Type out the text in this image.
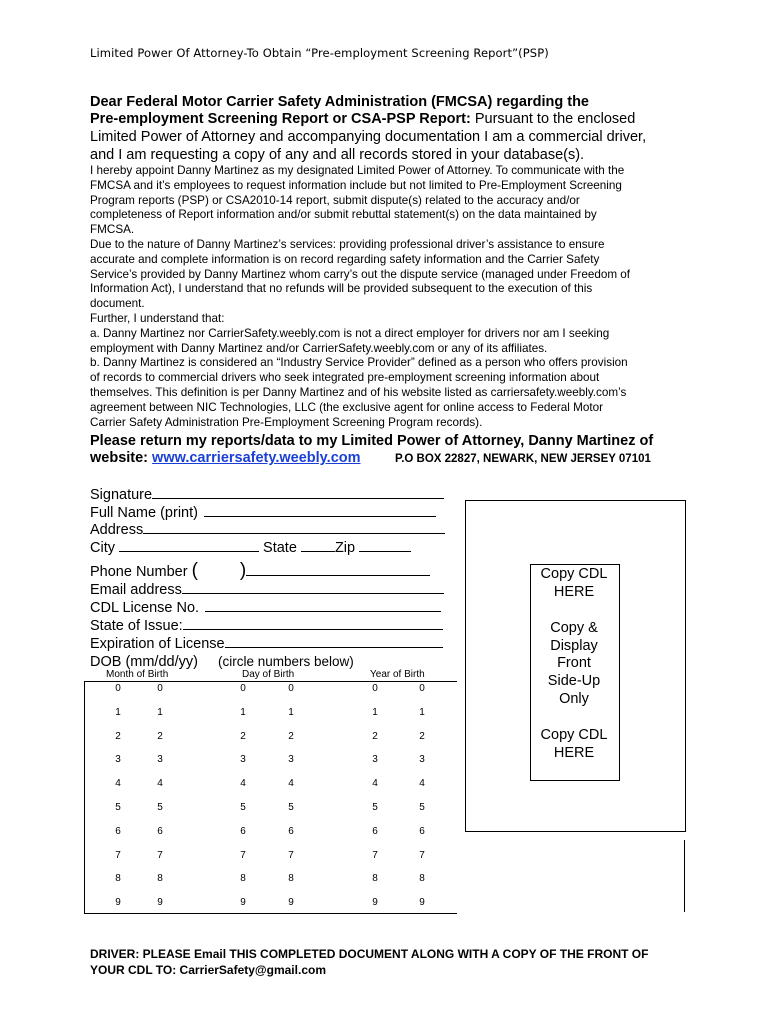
Limited Power Of Attorney-To Obtain “Pre-employment Screening Report”(PSP)
Dear Federal Motor Carrier Safety Administration (FMCSA) regarding the
Pre-employment Screening Report or CSA-PSP Report: Pursuant to the enclosed
Limited Power of Attorney and accompanying documentation I am a commercial driver,
and I am requesting a copy of any and all records stored in your database(s).
I hereby appoint Danny Martinez as my designated Limited Power of Attorney. To communicate with the
FMCSA and it’s employees to request information include but not limited to Pre-Employment Screening
Program reports (PSP) or CSA2010-14 report, submit dispute(s) related to the accuracy and/or
completeness of Report information and/or submit rebuttal statement(s) on the data maintained by
FMCSA.
Due to the nature of Danny Martinez’s services: providing professional driver’s assistance to ensure
accurate and complete information is on record regarding safety information and the Carrier Safety
Service’s provided by Danny Martinez whom carry’s out the dispute service (managed under Freedom of
Information Act), I understand that no refunds will be provided subsequent to the execution of this
document.
Further, I understand that:
a. Danny Martinez nor CarrierSafety.weebly.com is not a direct employer for drivers nor am I seeking
employment with Danny Martinez and/or CarrierSafety.weebly.com or any of its affiliates.
b. Danny Martinez is considered an “Industry Service Provider” defined as a person who offers provision
of records to commercial drivers who seek integrated pre-employment screening information about
themselves. This definition is per Danny Martinez and of his website listed as carriersafety.weebly.com’s
agreement between NIC Technologies, LLC (the exclusive agent for online access to Federal Motor
Carrier Safety Administration Pre-Employment Screening Program records).
Please return my reports/data to my Limited Power of Attorney, Danny Martinez of
website: www.carriersafety.weebly.com	P.O BOX 22827, NEWARK, NEW JERSEY 07101
Signature
Full Name (print)
Address
City	State	Zip
Phone Number ( )
Email address
CDL License No.
State of Issue:
Expiration of License
DOB (mm/dd/yy) (circle numbers below)
Month of Birth	Day of Birth	Year of Birth
0	0	0	0	0	0
1	1	1	1	1	1
2	2	2	2	2	2
3	3	3	3	3	3
4	4	4	4	4	4
5	5	5	5	5	5
6	6	6	6	6	6
7	7	7	7	7	7
8	8	8	8	8	8
9	9	9	9	9	9
Copy CDL
HERE
Copy &
Display
Front
Side-Up
Only
Copy CDL
HERE
DRIVER: PLEASE Email THIS COMPLETED DOCUMENT ALONG WITH A COPY OF THE FRONT OF
YOUR CDL TO: CarrierSafety@gmail.com
